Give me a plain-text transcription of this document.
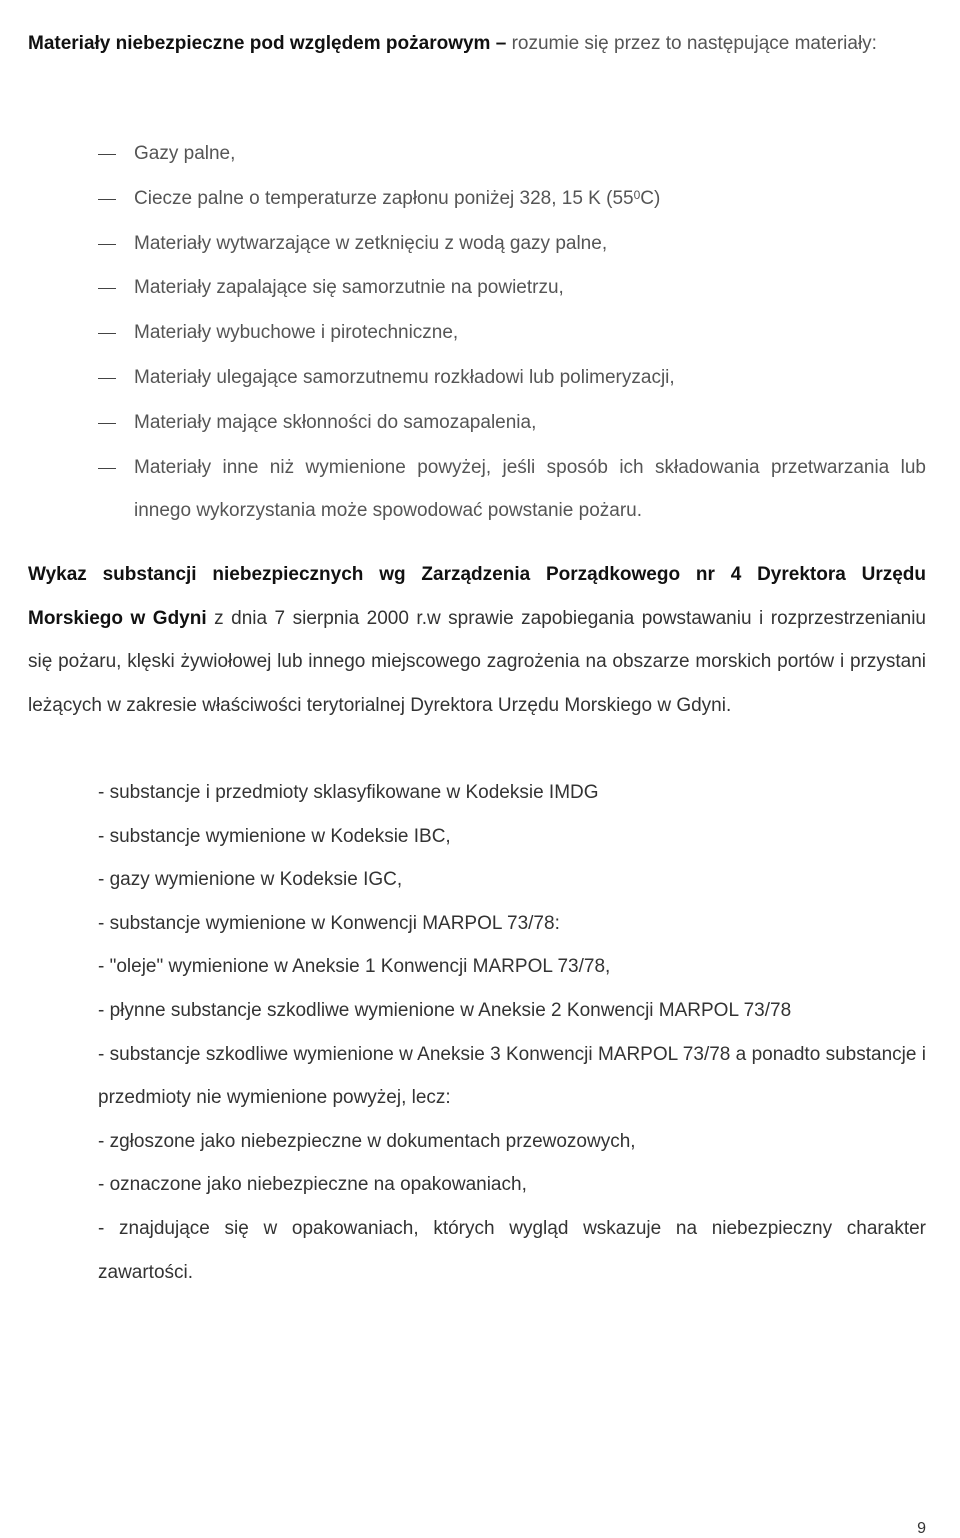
Materiały niebezpieczne pod względem pożarowym – rozumie się przez to następujące materiały:
Gazy palne,
Ciecze palne o temperaturze zapłonu poniżej 328, 15 K $(55^0C)$
Materiały wytwarzające w zetknięciu z wodą gazy palne,
Materiały zapalające się samorzutnie na powietrzu,
Materiały wybuchowe i pirotechniczne,
Materiały ulegające samorzutnemu rozkładowi lub polimeryzacji,
Materiały mające skłonności do samozapalenia,
Materiały inne niż wymienione powyżej, jeśli sposób ich składowania przetwarzania lub innego wykorzystania może spowodować powstanie pożaru.
Wykaz substancji niebezpiecznych wg Zarządzenia Porządkowego nr 4 Dyrektora Urzędu Morskiego w Gdyni z dnia 7 sierpnia 2000 r.w sprawie zapobiegania powstawaniu i rozprzestrzenianiu się pożaru, klęski żywiołowej lub innego miejscowego zagrożenia na obszarze morskich portów i przystani leżących w zakresie właściwości terytorialnej Dyrektora Urzędu Morskiego w Gdyni.
- substancje i przedmioty sklasyfikowane w Kodeksie IMDG
- substancje wymienione w Kodeksie IBC,
- gazy wymienione w Kodeksie IGC,
- substancje wymienione w Konwencji MARPOL 73/78:
- "oleje" wymienione w Aneksie 1 Konwencji MARPOL 73/78,
- płynne substancje szkodliwe wymienione w Aneksie 2 Konwencji MARPOL 73/78
- substancje szkodliwe wymienione w Aneksie 3 Konwencji MARPOL 73/78 a ponadto substancje i przedmioty nie wymienione powyżej, lecz:
- zgłoszone jako niebezpieczne w dokumentach przewozowych,
- oznaczone jako niebezpieczne na opakowaniach,
- znajdujące się w opakowaniach, których wygląd wskazuje na niebezpieczny charakter zawartości.
9
